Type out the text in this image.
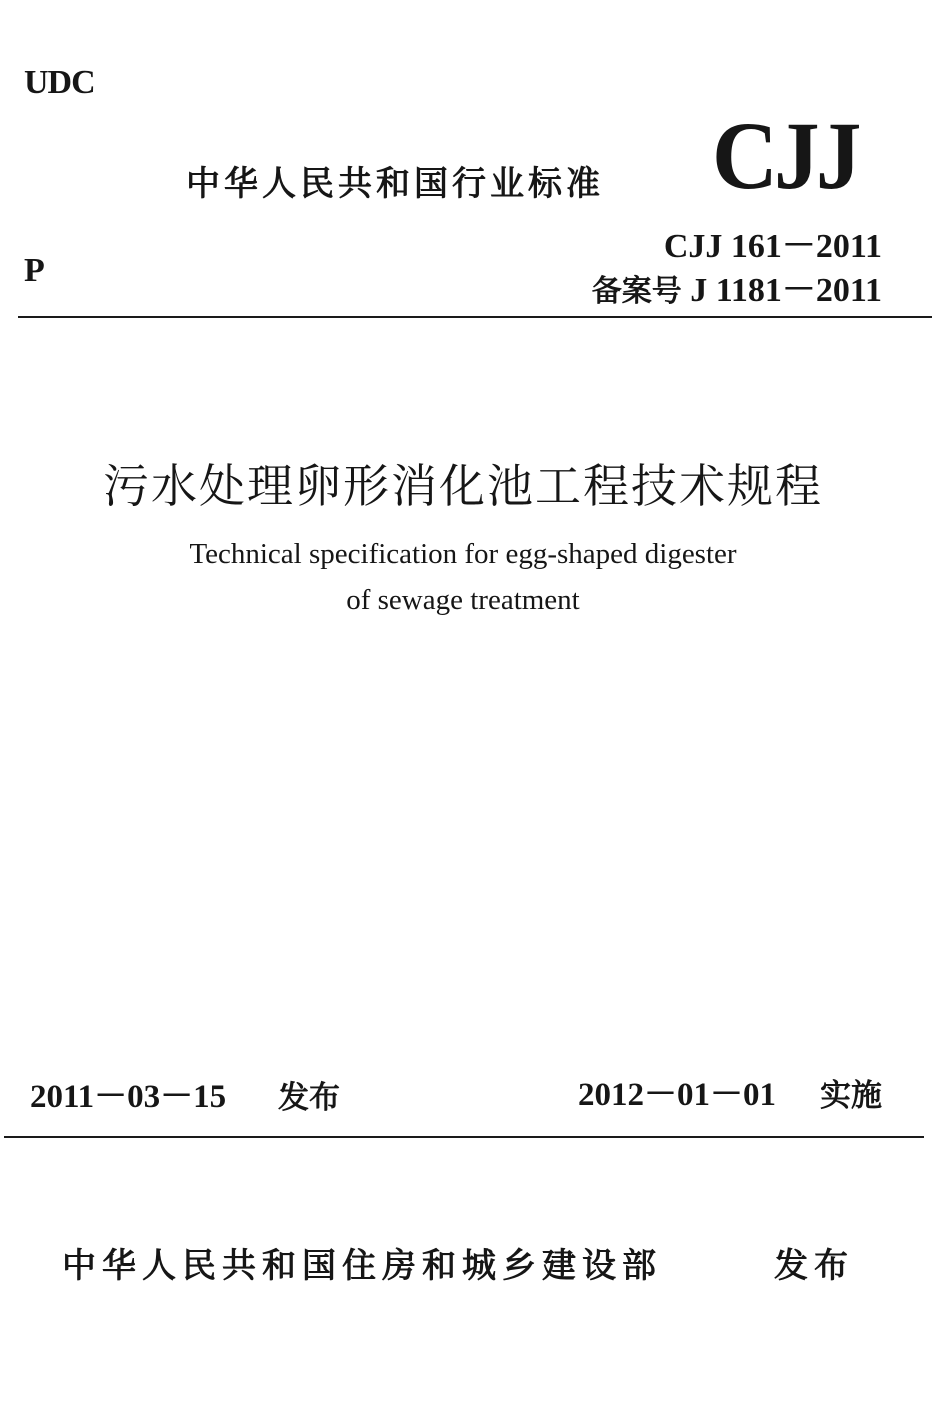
UDC
中华人民共和国行业标准 CJJ
CJJ 161－2011
备案号 J 1181－2011
P
污水处理卵形消化池工程技术规程
Technical specification for egg-shaped digester
of sewage treatment
2011－03－15 发布	2012－01－01 实施
中华人民共和国住房和城乡建设部	发布
